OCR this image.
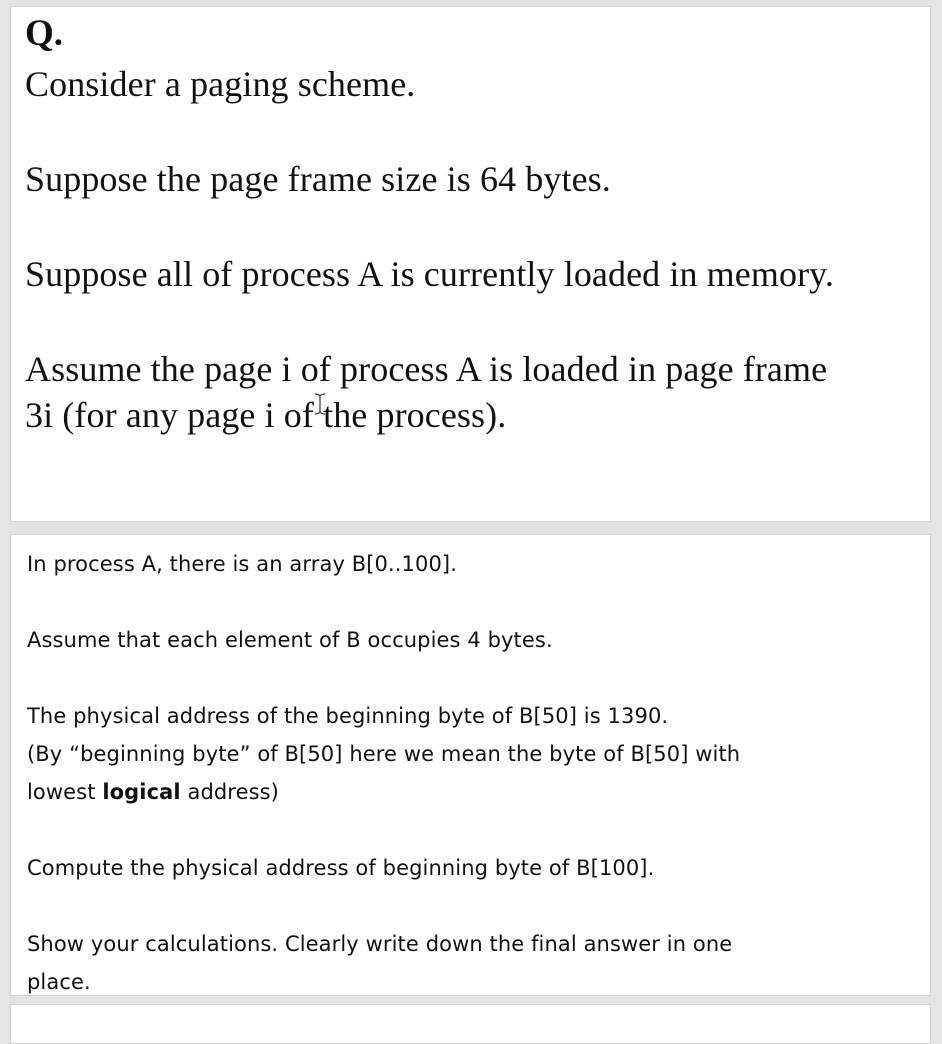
Q.

Consider a paging scheme.

Suppose the page frame size is 64 bytes.

Suppose all of process A is currently loaded in memory.

Assume the page i of process A is loaded in page frame

3i (for any page i of the process).

In process A, there is an array B[0..100].

Assume that each element of B occupies 4 bytes.

The physical address of the beginning byte of B[50] is 1390.

(By “beginning byte” of B[50] here we mean the byte of B[50] with

lowest logical address)

Compute the physical address of beginning byte of B[100].

Show your calculations. Clearly write down the final answer in one

place.
